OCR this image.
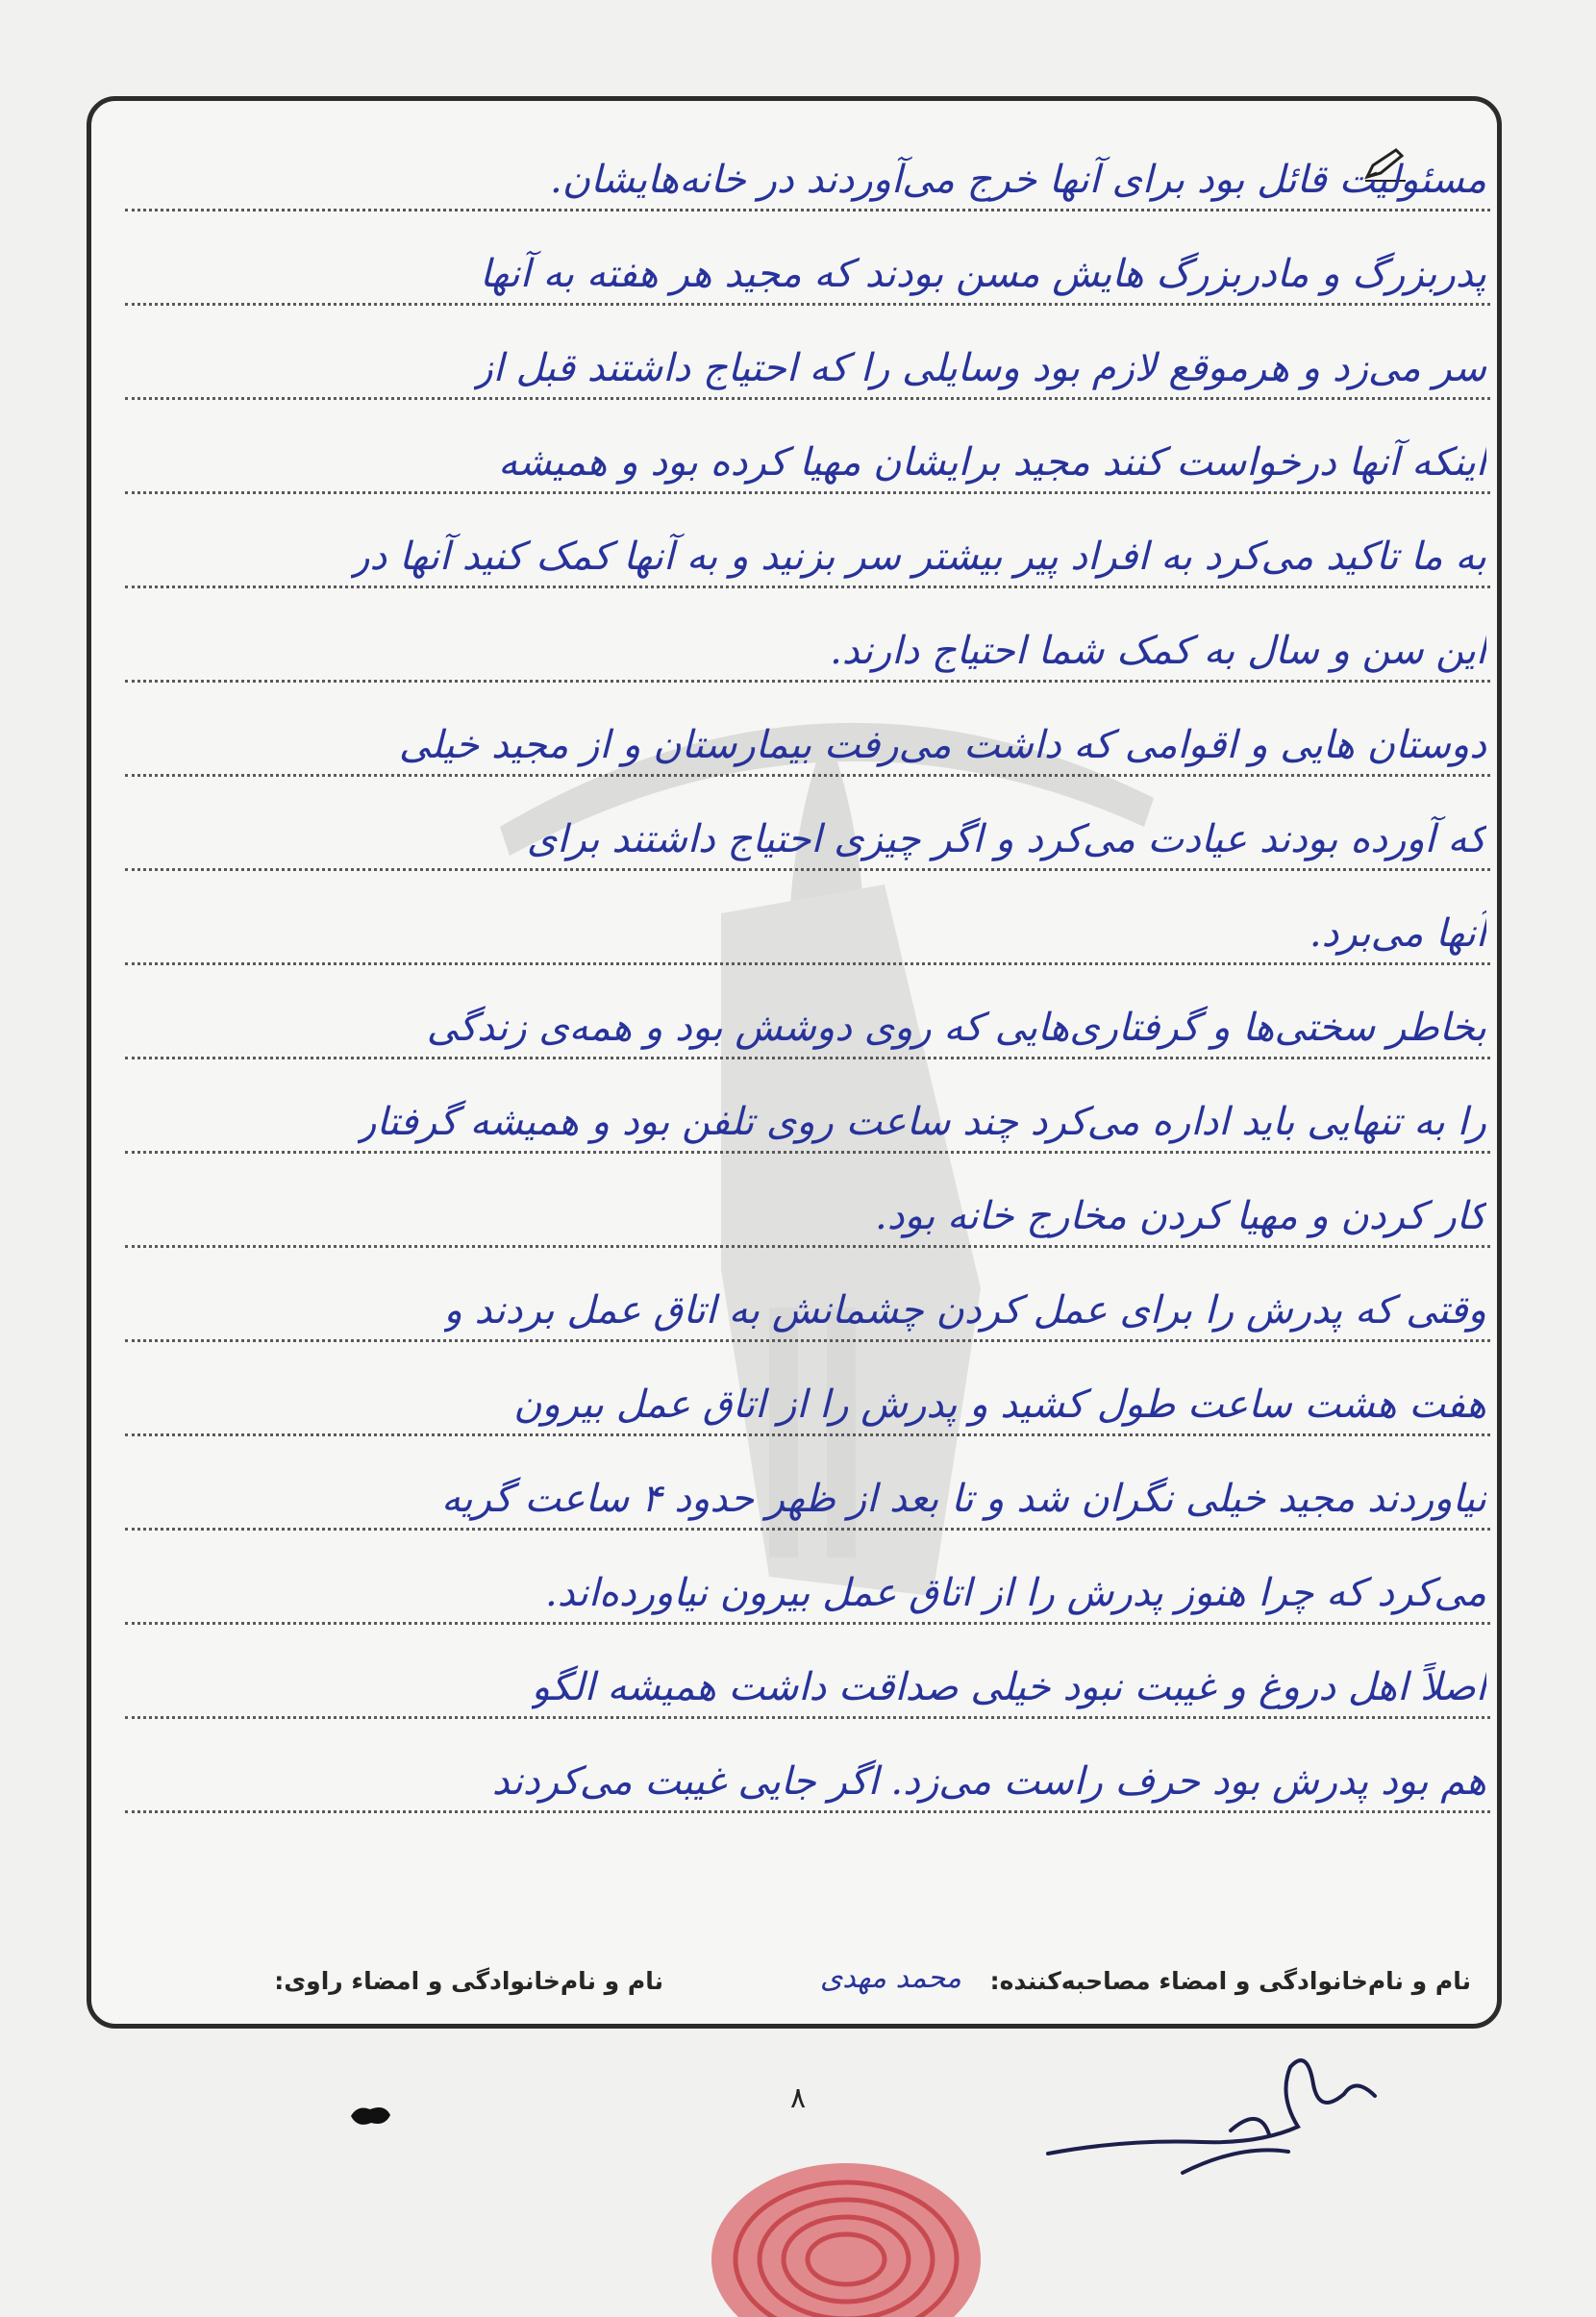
مسئولیت قائل بود برای آنها خرج می‌آوردند در خانه‌هایشان.
پدربزرگ و مادربزرگ هایش مسن بودند که مجید هر هفته به آنها
سر می‌زد و هرموقع لازم بود وسایلی را که احتیاج داشتند قبل از
اینکه آنها درخواست کنند مجید برایشان مهیا کرده بود و همیشه
به ما تاکید می‌کرد به افراد پیر بیشتر سر بزنید و به آنها کمک کنید آنها در
این سن و سال به کمک شما احتیاج دارند.
دوستان هایی و اقوامی که داشت می‌رفت بیمارستان و از مجید خیلی
که آورده بودند عیادت می‌کرد و اگر چیزی احتیاج داشتند برای
آنها می‌برد.
بخاطر سختی‌ها و گرفتاری‌هایی که روی دوشش بود و همه‌ی زندگی
را به تنهایی باید اداره می‌کرد چند ساعت روی تلفن بود و همیشه گرفتار
کار کردن و مهیا کردن مخارج خانه بود.
وقتی که پدرش را برای عمل کردن چشمانش به اتاق عمل بردند و
هفت هشت ساعت طول کشید و پدرش را از اتاق عمل بیرون
نیاوردند مجید خیلی نگران شد و تا بعد از ظهر حدود ۴ ساعت گریه
می‌کرد که چرا هنوز پدرش را از اتاق عمل بیرون نیاورده‌اند.
اصلاً اهل دروغ و غیبت نبود خیلی صداقت داشت همیشه الگو
هم بود پدرش بود حرف راست می‌زد. اگر جایی غیبت می‌کردند
نام و نام‌خانوادگی و امضاء مصاحبه‌کننده:
محمد مهدی
نام و نام‌خانوادگی و امضاء راوی:
۸
